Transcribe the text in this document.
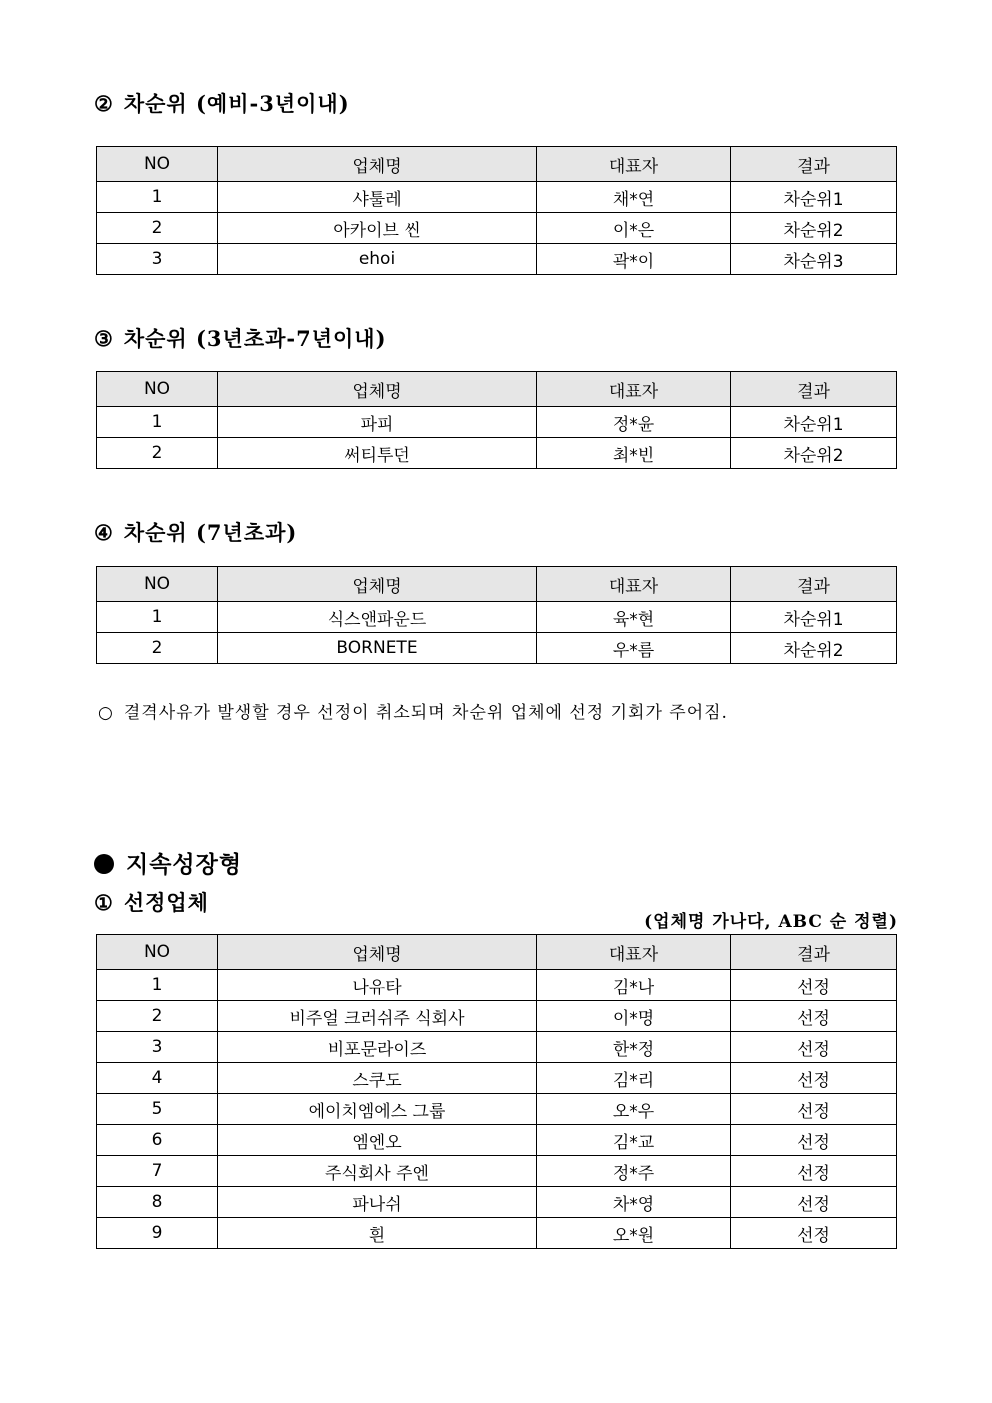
② 차순위 (예비-3년이내)
NO	업체명	대표자	결과
1	샤툴레	채*연	차순위1
2	아카이브 씬	이*은	차순위2
3	ehoi	곽*이	차순위3
③ 차순위 (3년초과-7년이내)
NO	업체명	대표자	결과
1	파피	정*윤	차순위1
2	써티투던	최*빈	차순위2
④ 차순위 (7년초과)
NO	업체명	대표자	결과
1	식스앤파운드	육*현	차순위1
2	BORNETE	우*름	차순위2
○ 결격사유가 발생할 경우 선정이 취소되며 차순위 업체에 선정 기회가 주어짐.
지속성장형
① 선정업체
(업체명 가나다, ABC 순 정렬)
NO	업체명	대표자	결과
1	나유타	김*나	선정
2	비주얼 크러쉬주 식회사	이*명	선정
3	비포문라이즈	한*정	선정
4	스쿠도	김*리	선정
5	에이치엠에스 그룹	오*우	선정
6	엠엔오	김*교	선정
7	주식회사 주엔	정*주	선정
8	파나쉬	차*영	선정
9	흰	오*원	선정
